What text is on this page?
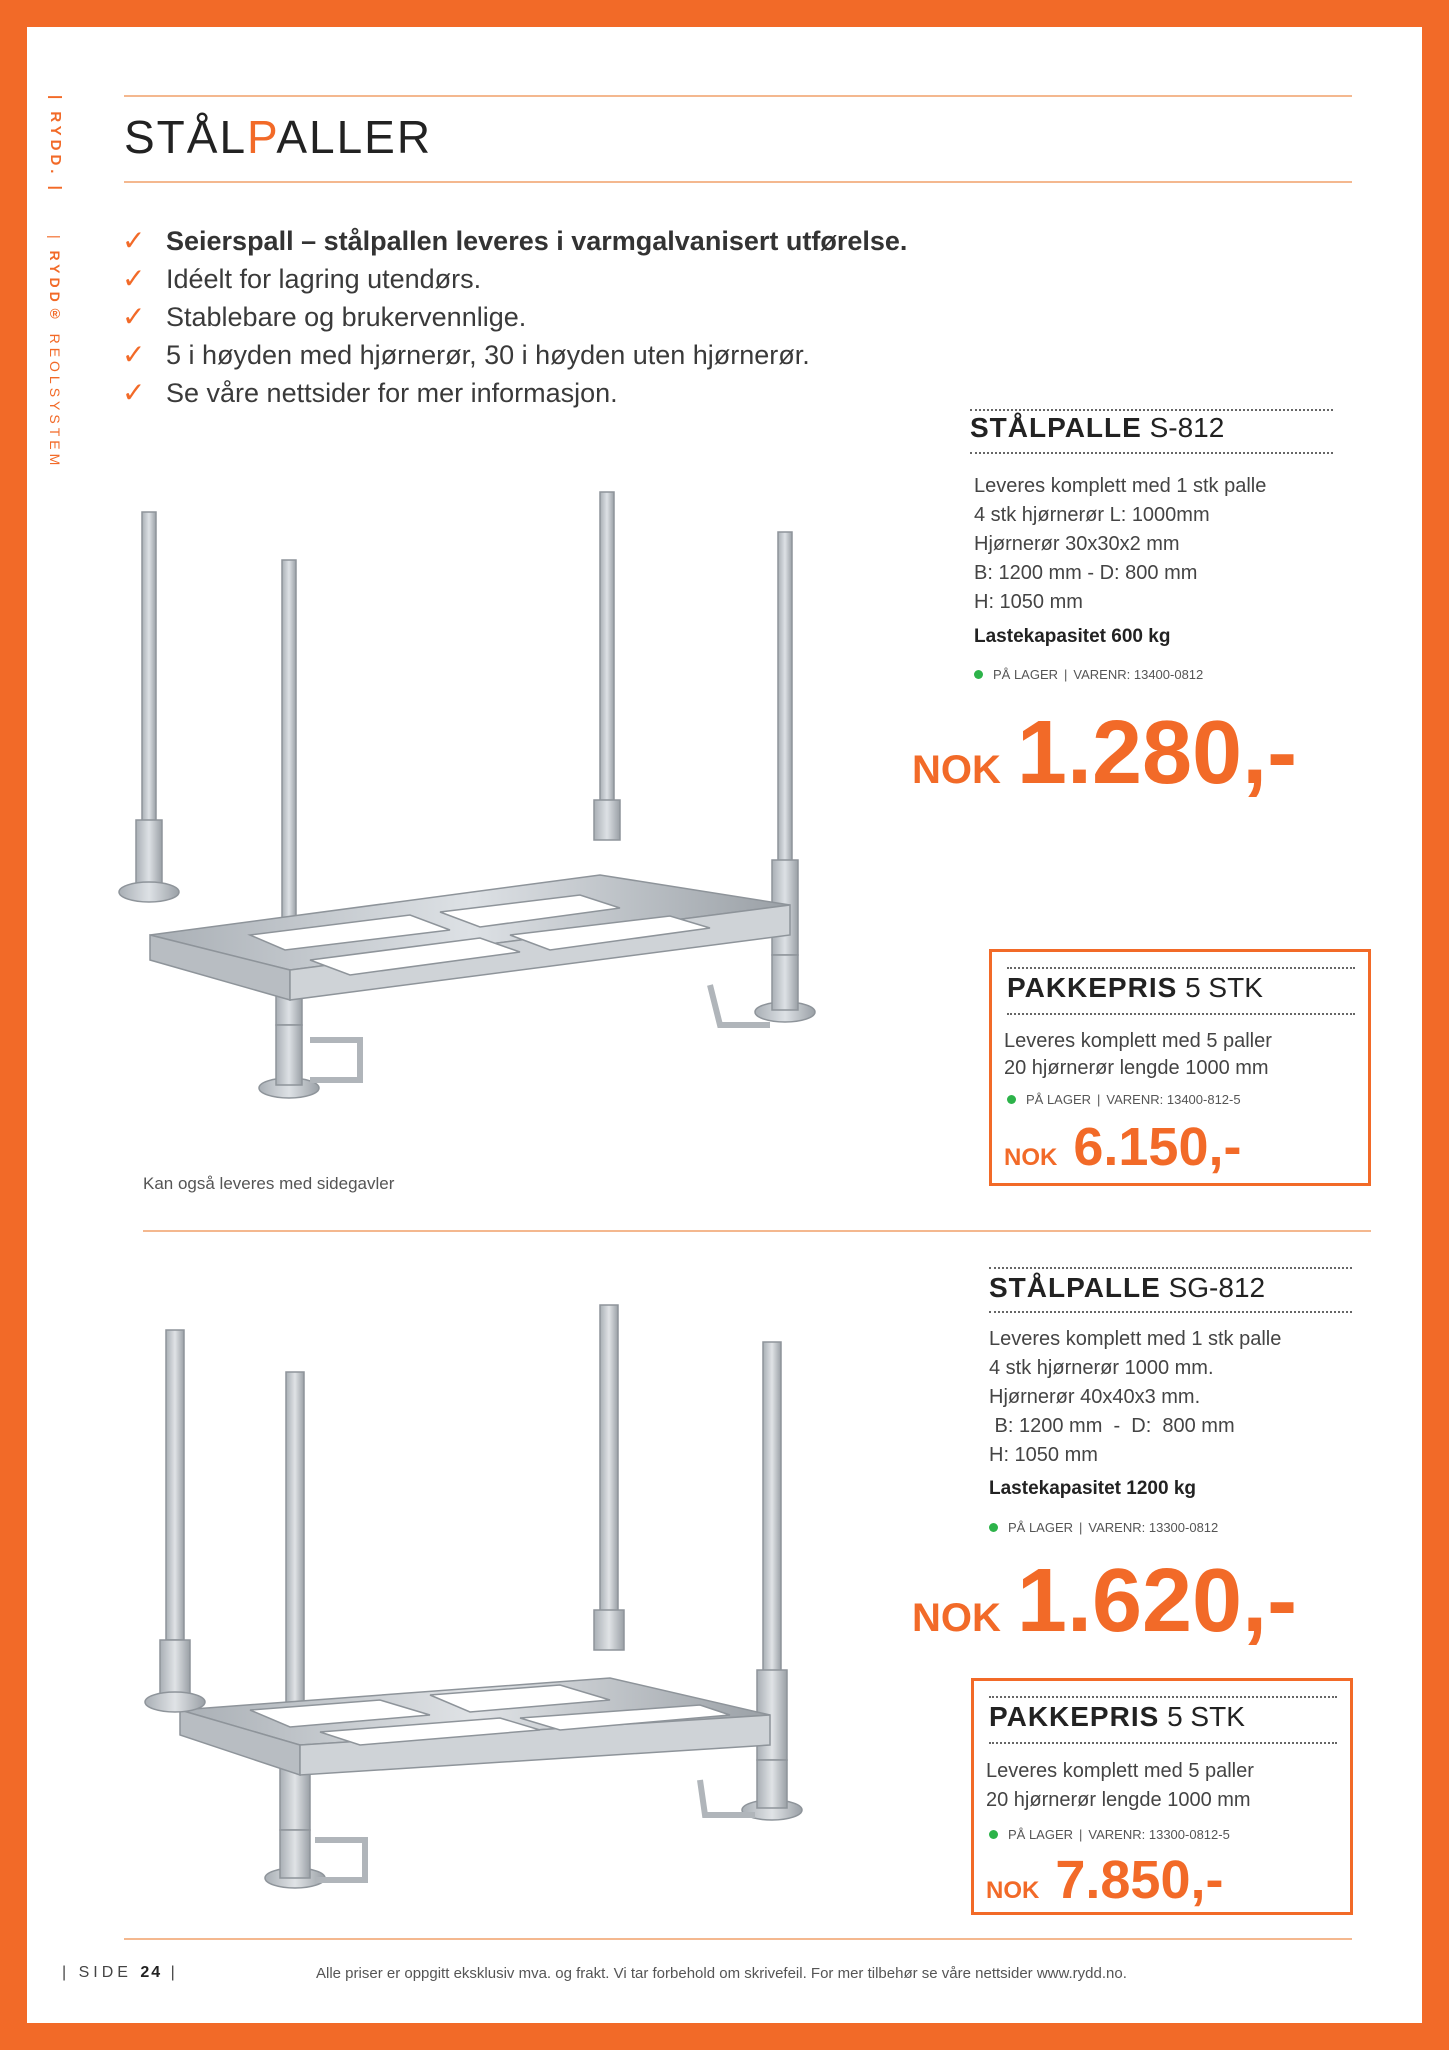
| RYDD. |
| RYDD® REOLSYSTEM
STÅLPALLER
✓ Seierspall – stålpallen leveres i varmgalvanisert utførelse.
✓ Idéelt for lagring utendørs.
✓ Stablebare og brukervennlige.
✓ 5 i høyden med hjørnerør, 30 i høyden uten hjørnerør.
✓ Se våre nettsider for mer informasjon.
STÅLPALLE S-812
Leveres komplett med 1 stk palle
4 stk hjørnerør L: 1000mm
Hjørnerør 30x30x2 mm
B: 1200 mm - D: 800 mm
H: 1050 mm
Lastekapasitet 600 kg
PÅ LAGER | VARENR: 13400-0812
NOK 1.280,-
PAKKEPRIS 5 STK
Leveres komplett med 5 paller
20 hjørnerør lengde 1000 mm
PÅ LAGER | VARENR: 13400-812-5
NOK 6.150,-
Kan også leveres med sidegavler
STÅLPALLE SG-812
Leveres komplett med 1 stk palle
4 stk hjørnerør 1000 mm.
Hjørnerør 40x40x3 mm.
B: 1200 mm  -  D:  800 mm
H: 1050 mm
Lastekapasitet 1200 kg
PÅ LAGER | VARENR: 13300-0812
NOK 1.620,-
PAKKEPRIS 5 STK
Leveres komplett med 5 paller
20 hjørnerør lengde 1000 mm
PÅ LAGER | VARENR: 13300-0812-5
NOK 7.850,-
| SIDE 24 |	Alle priser er oppgitt eksklusiv mva. og frakt. Vi tar forbehold om skrivefeil. For mer tilbehør se våre nettsider www.rydd.no.
